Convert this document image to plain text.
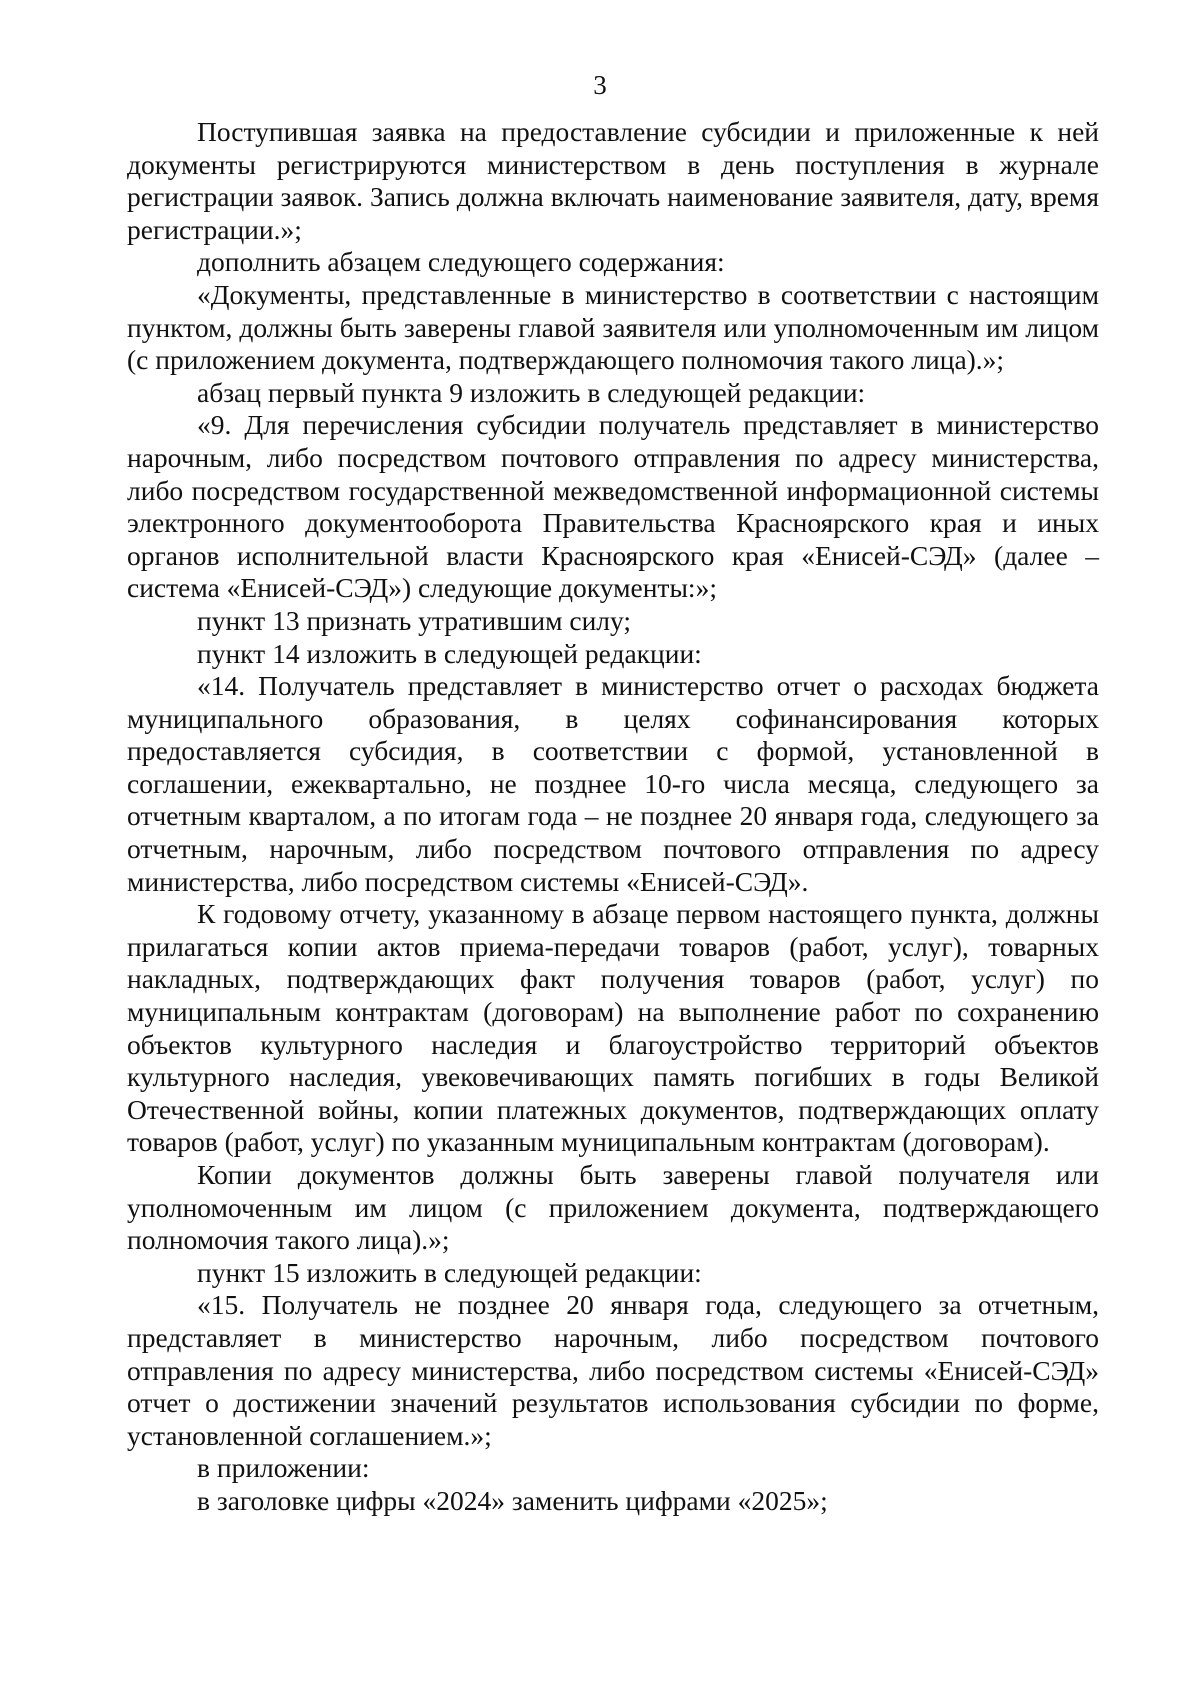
3

Поступившая заявка на предоставление субсидии и приложенные к ней документы регистрируются министерством в день поступления в журнале регистрации заявок. Запись должна включать наименование заявителя, дату, время регистрации.»;

дополнить абзацем следующего содержания:

«Документы, представленные в министерство в соответствии с настоящим пунктом, должны быть заверены главой заявителя или уполномоченным им лицом (с приложением документа, подтверждающего полномочия такого лица).»;

абзац первый пункта 9 изложить в следующей редакции:

«9. Для перечисления субсидии получатель представляет в министерство нарочным, либо посредством почтового отправления по адресу министерства, либо посредством государственной межведомственной информационной системы электронного документооборота Правительства Красноярского края и иных органов исполнительной власти Красноярского края «Енисей-СЭД» (далее – система «Енисей-СЭД») следующие документы:»;

пункт 13 признать утратившим силу;

пункт 14 изложить в следующей редакции:

«14. Получатель представляет в министерство отчет о расходах бюджета муниципального образования, в целях софинансирования которых предоставляется субсидия, в соответствии с формой, установленной в соглашении, ежеквартально, не позднее 10-го числа месяца, следующего за отчетным кварталом, а по итогам года – не позднее 20 января года, следующего за отчетным, нарочным, либо посредством почтового отправления по адресу министерства, либо посредством системы «Енисей-СЭД».

К годовому отчету, указанному в абзаце первом настоящего пункта, должны прилагаться копии актов приема-передачи товаров (работ, услуг), товарных накладных, подтверждающих факт получения товаров (работ, услуг) по муниципальным контрактам (договорам) на выполнение работ по сохранению объектов культурного наследия и благоустройство территорий объектов культурного наследия, увековечивающих память погибших в годы Великой Отечественной войны, копии платежных документов, подтверждающих оплату товаров (работ, услуг) по указанным муниципальным контрактам (договорам).

Копии документов должны быть заверены главой получателя или уполномоченным им лицом (с приложением документа, подтверждающего полномочия такого лица).»;

пункт 15 изложить в следующей редакции:

«15. Получатель не позднее 20 января года, следующего за отчетным, представляет в министерство нарочным, либо посредством почтового отправления по адресу министерства, либо посредством системы «Енисей-СЭД» отчет о достижении значений результатов использования субсидии по форме, установленной соглашением.»;

в приложении:

в заголовке цифры «2024» заменить цифрами «2025»;
